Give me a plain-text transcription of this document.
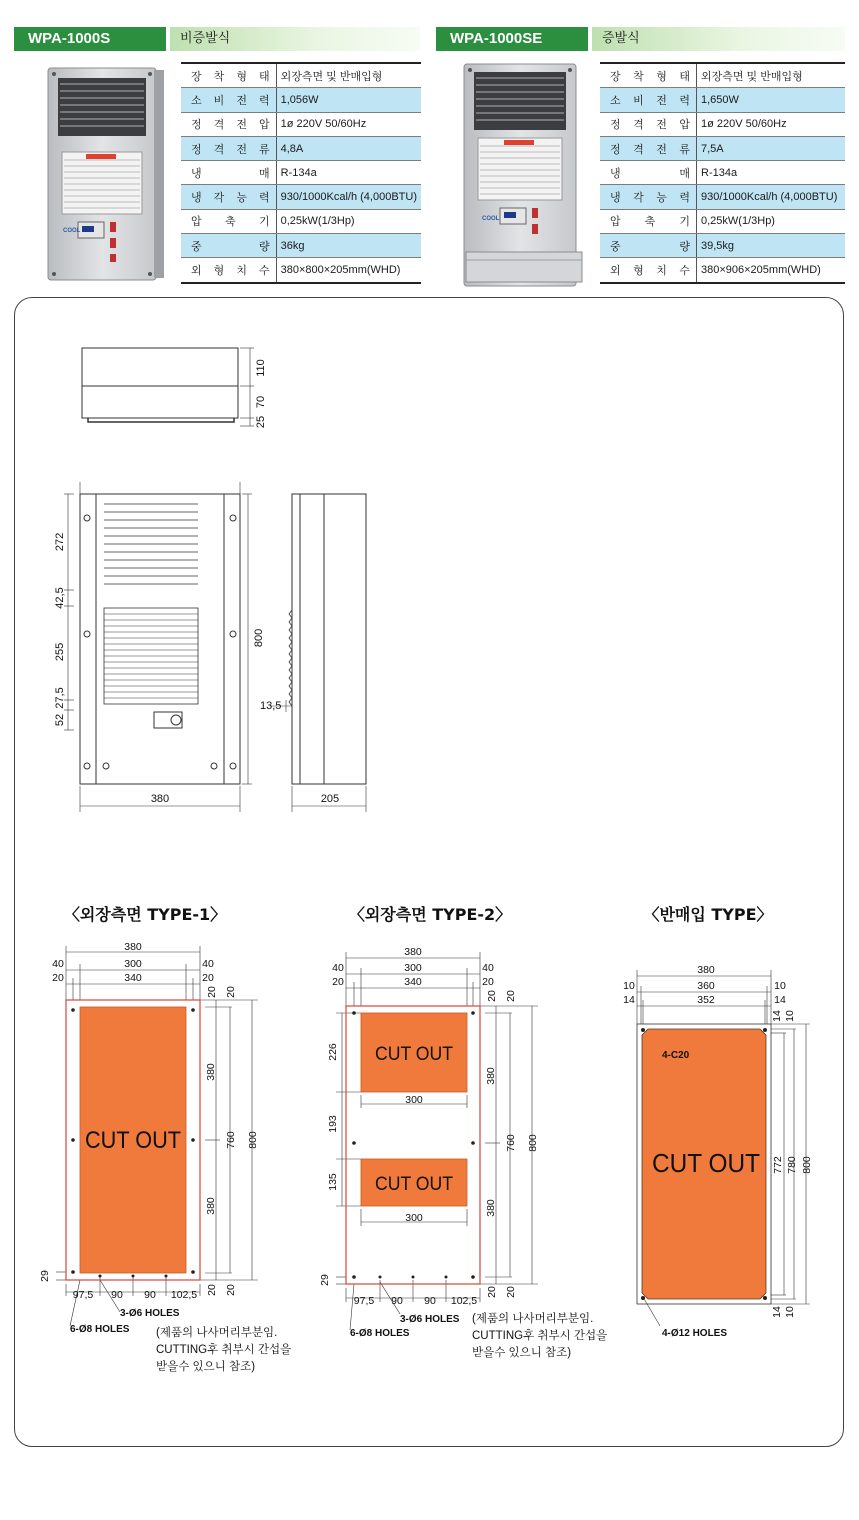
WPA-1000S	비증발식	WPA-1000SE	증발식
COOL
COOL
장 착 형 태	외장측면 및 반매입형
소 비 전 력	1,056W
정 격 전 압	1ø 220V 50/60Hz
정 격 전 류	4,8A
냉 매	R-134a
냉 각 능 력	930/1000Kcal/h (4,000BTU)
압 축 기	0,25kW(1/3Hp)
중 량	36kg
외 형 치 수	380×800×205mm(WHD)
장 착 형 태	외장측면 및 반매입형
소 비 전 력	1,650W
정 격 전 압	1ø 220V 50/60Hz
정 격 전 류	7,5A
냉 매	R-134a
냉 각 능 력	930/1000Kcal/h (4,000BTU)
압 축 기	0,25kW(1/3Hp)
중 량	39,5kg
외 형 치 수	380×906×205mm(WHD)
110
70
25
272
42,5
255
27,5
52
800
380
13,5
205
〈외장측면 TYPE-1〉	〈외장측면 TYPE-2〉	〈반매입 TYPE〉
CUT OUT
380
40	300	40
20	340	20
20 20
380
760 800
380
20 20
29
97,5 90 90 102,5
3-Ø6 HOLES
6-Ø8 HOLES (제품의 나사머리부분임.
CUTTING후 취부시 간섭을
받을수 있으니 참조)
CUT OUT
CUT OUT
380
40	300	40
20	340	20
20 20
380
760 800
380
20 20
226
193
135
29
300
300
97,5 90 90 102,5
3-Ø6 HOLES
6-Ø8 HOLES
(제품의 나사머리부분임.
CUTTING후 취부시 간섭을
받을수 있으니 참조)
CUT OUT
380
10	360	10
14	352	14
14 10
772 780 800
14 10
4-C20
4-Ø12 HOLES
